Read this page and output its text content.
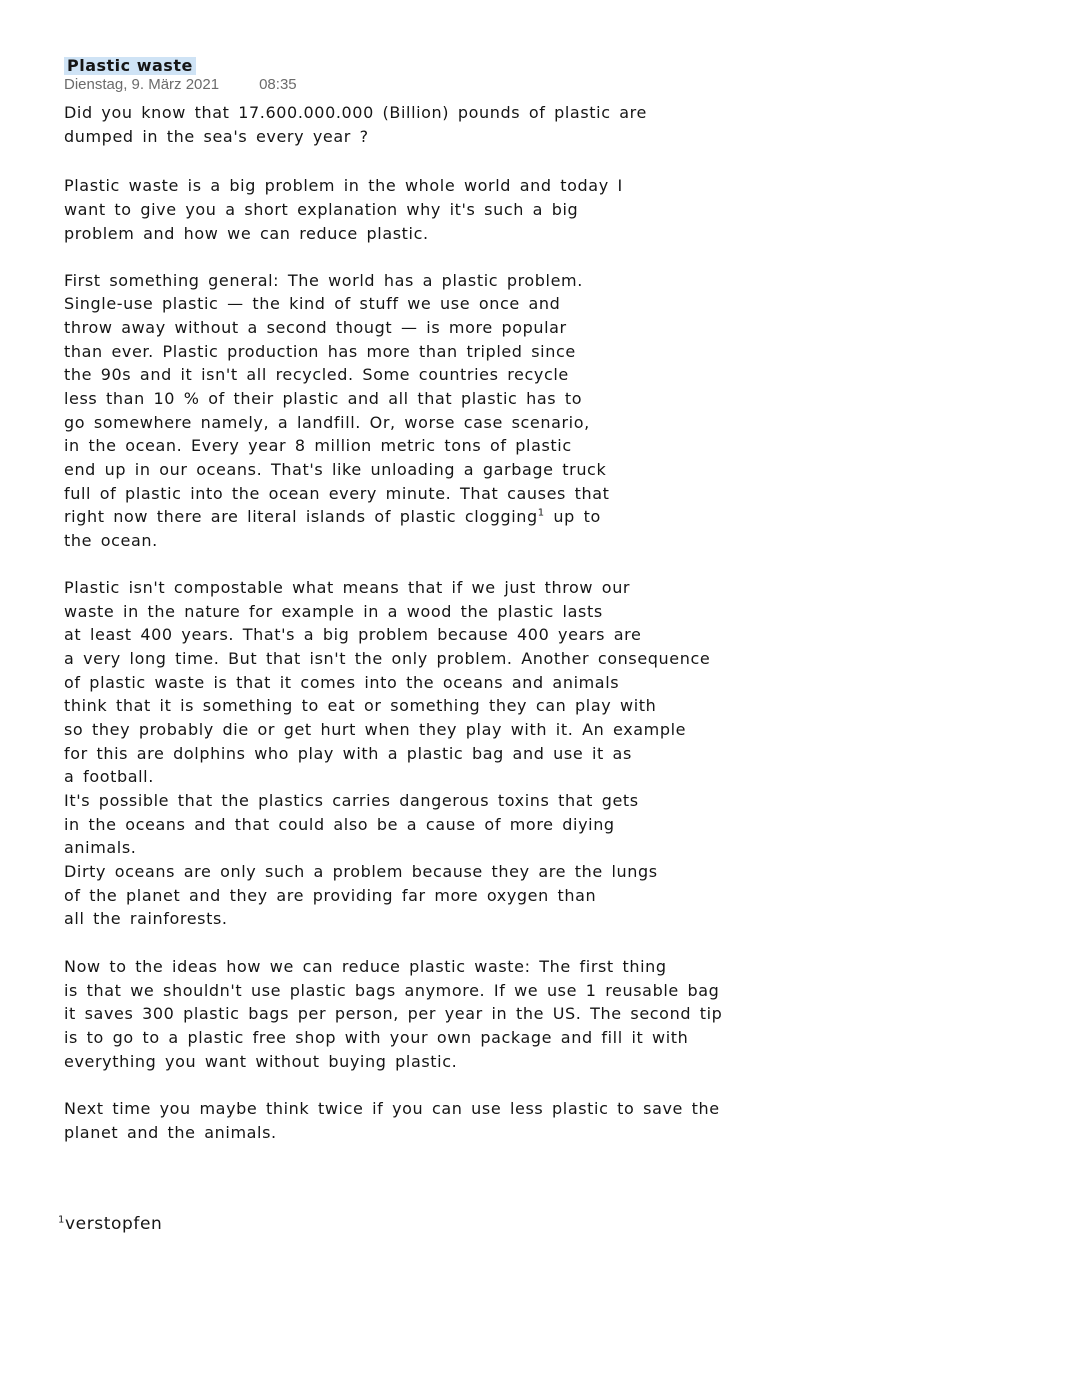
Plastic waste
Dienstag, 9. März 2021	08:35
Did you know that 17.600.000.000 (Billion) pounds of plastic are
dumped in the sea's every year ?
Plastic waste is a big problem in the whole world and today I
want to give you a short explanation why it's such a big
problem and how we can reduce plastic.
First something general: The world has a plastic problem.
Single-use plastic — the kind of stuff we use once and
throw away without a second thougt — is more popular
than ever. Plastic production has more than tripled since
the 90s and it isn't all recycled. Some countries recycle
less than 10 % of their plastic and all that plastic has to
go somewhere namely, a landfill. Or, worse case scenario,
in the ocean. Every year 8 million metric tons of plastic
end up in our oceans. That's like unloading a garbage truck
full of plastic into the ocean every minute. That causes that
right now there are literal islands of plastic clogging$^1$ up to
the ocean.
Plastic isn't compostable what means that if we just throw our
waste in the nature for example in a wood the plastic lasts
at least 400 years. That's a big problem because 400 years are
a very long time. But that isn't the only problem. Another consequence
of plastic waste is that it comes into the oceans and animals
think that it is something to eat or something they can play with
so they probably die or get hurt when they play with it. An example
for this are dolphins who play with a plastic bag and use it as
a football.
It's possible that the plastics carries dangerous toxins that gets
in the oceans and that could also be a cause of more diying
animals.
Dirty oceans are only such a problem because they are the lungs
of the planet and they are providing far more oxygen than
all the rainforests.
Now to the ideas how we can reduce plastic waste: The first thing
is that we shouldn't use plastic bags anymore. If we use 1 reusable bag
it saves 300 plastic bags per person, per year in the US. The second tip
is to go to a plastic free shop with your own package and fill it with
everything you want without buying plastic.
Next time you maybe think twice if you can use less plastic to save the
planet and the animals.
$^1$verstopfen
